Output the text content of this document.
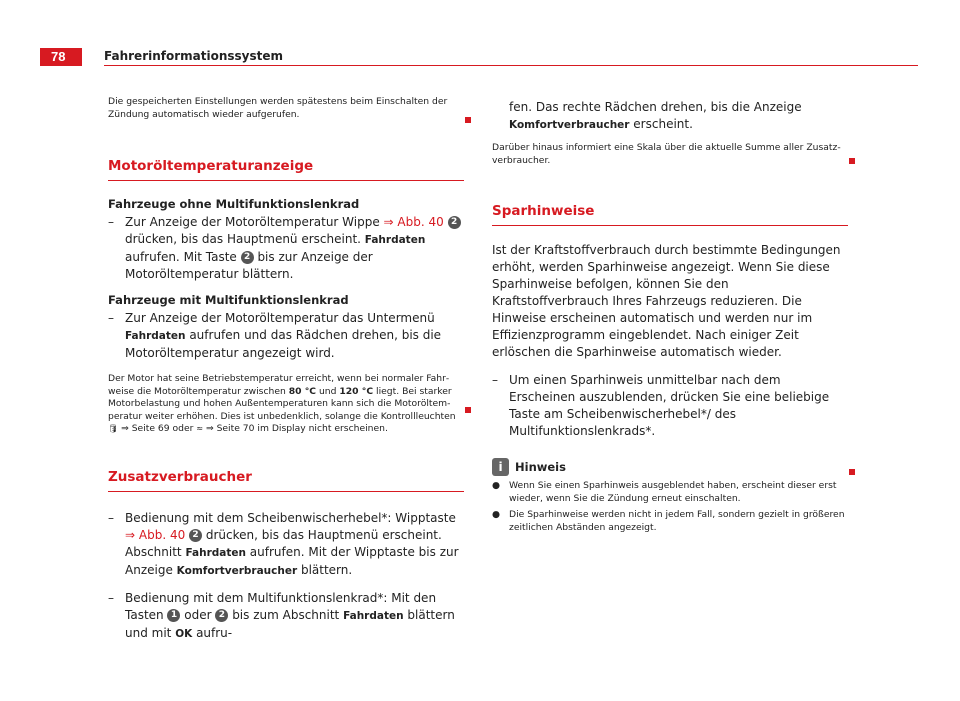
78	Fahrerinformationssystem

Die gespeicherten Einstellungen werden spätestens beim Einschalten der Zündung automatisch wieder aufgerufen.

Motoröltemperaturanzeige

Fahrzeuge ohne Multifunktionslenkrad

– Zur Anzeige der Motoröltemperatur Wippe ⇒ Abb. 40 2 drücken, bis das Hauptmenü erscheint. Fahrdaten aufrufen. Mit Taste 2 bis zur Anzeige der Motoröltemperatur blättern.

Fahrzeuge mit Multifunktionslenkrad

– Zur Anzeige der Motoröltemperatur das Untermenü Fahrdaten aufrufen und das Rädchen drehen, bis die Motoröltemperatur angezeigt wird.

Der Motor hat seine Betriebstemperatur erreicht, wenn bei normaler Fahrweise die Motoröltemperatur zwischen 80 °C und 120 °C liegt. Bei starker Motorbelastung und hohen Außentemperaturen kann sich die Motoröltemperatur weiter erhöhen. Dies ist unbedenklich, solange die Kontrollleuchten 🛢 ⇒ Seite 69 oder ≈ ⇒ Seite 70 im Display nicht erscheinen.

Zusatzverbraucher

– Bedienung mit dem Scheibenwischerhebel*: Wipptaste ⇒ Abb. 40 2 drücken, bis das Hauptmenü erscheint. Abschnitt Fahrdaten aufrufen. Mit der Wipptaste bis zur Anzeige Komfortverbraucher blättern.

– Bedienung mit dem Multifunktionslenkrad*: Mit den Tasten 1 oder 2 bis zum Abschnitt Fahrdaten blättern und mit OK aufru-

fen. Das rechte Rädchen drehen, bis die Anzeige Komfortverbraucher erscheint.

Darüber hinaus informiert eine Skala über die aktuelle Summe aller Zusatzverbraucher.

Sparhinweise

Ist der Kraftstoffverbrauch durch bestimmte Bedingungen erhöht, werden Sparhinweise angezeigt. Wenn Sie diese Sparhinweise befolgen, können Sie den Kraftstoffverbrauch Ihres Fahrzeugs reduzieren. Die Hinweise erscheinen automatisch und werden nur im Effizienzprogramm eingeblendet. Nach einiger Zeit erlöschen die Sparhinweise automatisch wieder.

– Um einen Sparhinweis unmittelbar nach dem Erscheinen auszublenden, drücken Sie eine beliebige Taste am Scheibenwischerhebel*/ des Multifunktionslenkrads*.

i	Hinweis

● Wenn Sie einen Sparhinweis ausgeblendet haben, erscheint dieser erst wieder, wenn Sie die Zündung erneut einschalten.

● Die Sparhinweise werden nicht in jedem Fall, sondern gezielt in größeren zeitlichen Abständen angezeigt.
